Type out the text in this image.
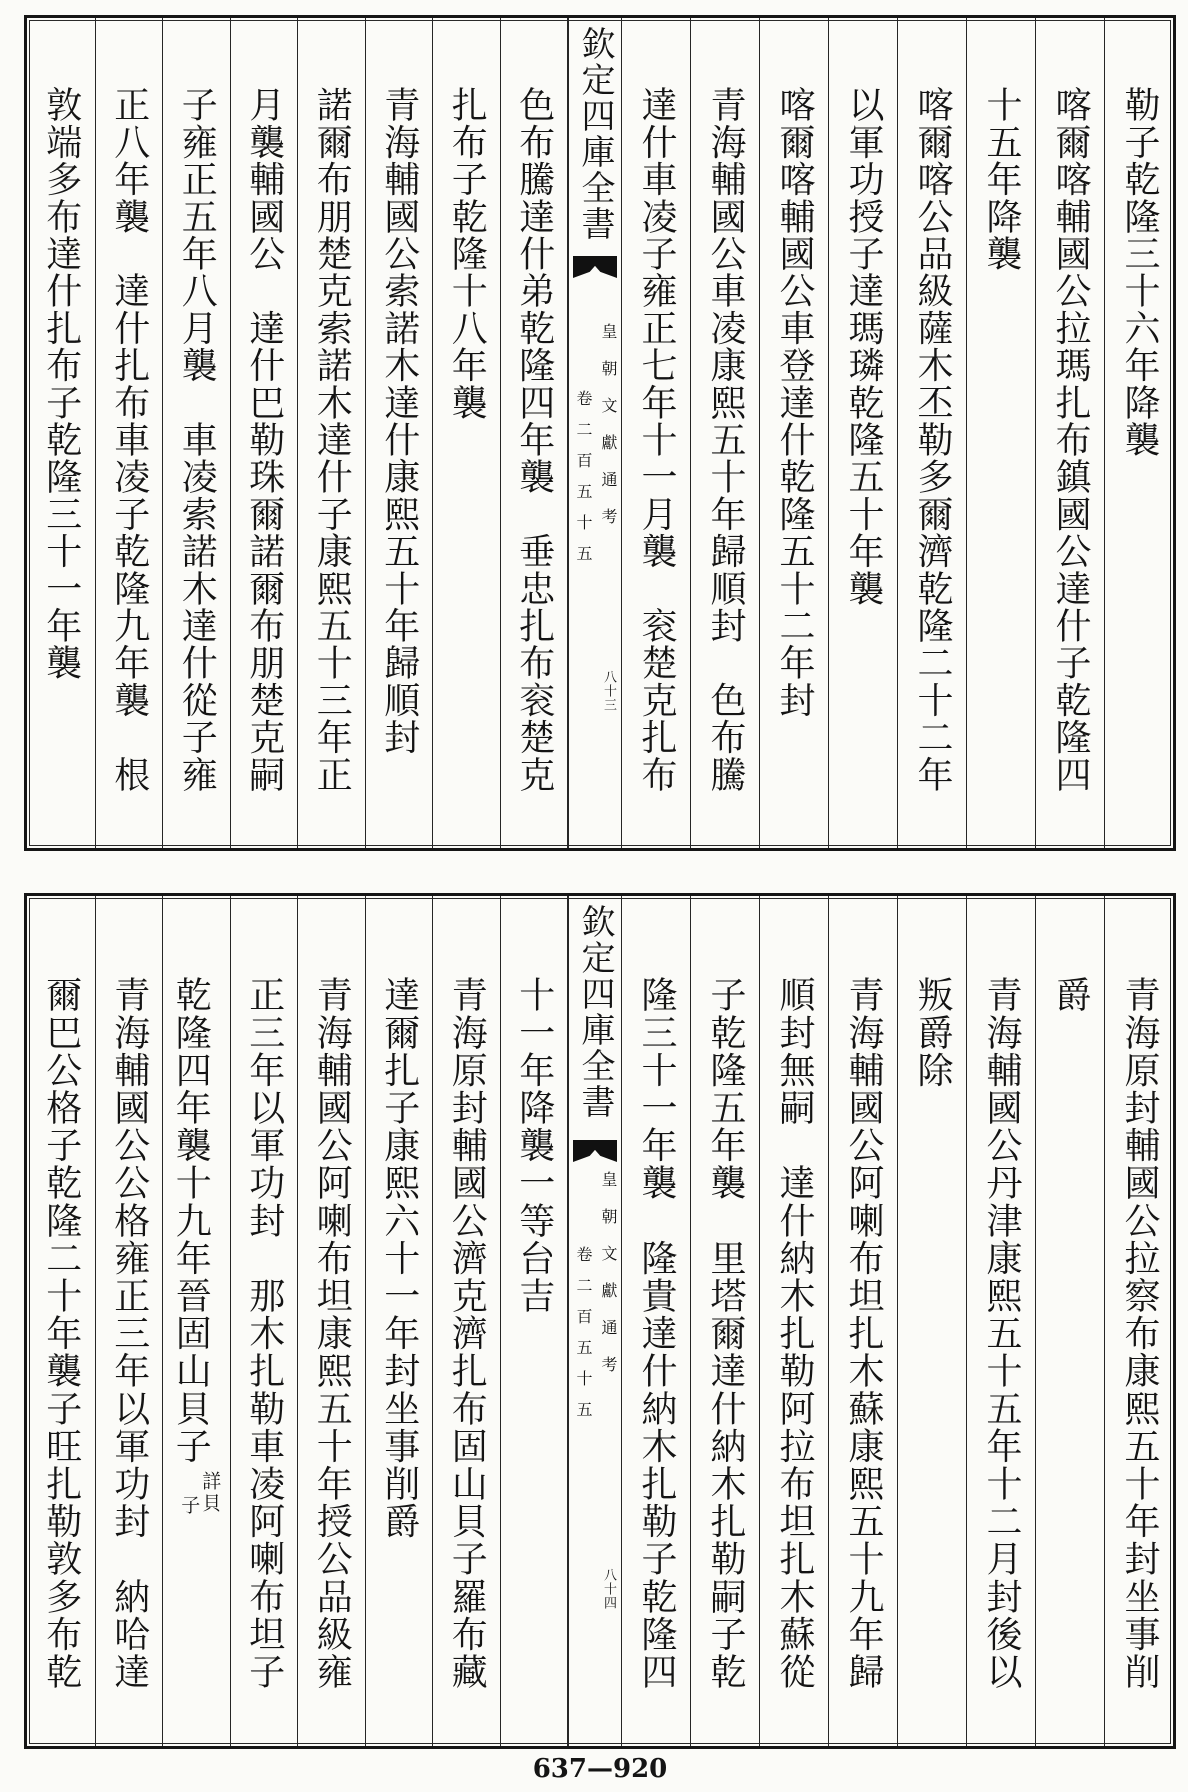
勒子乾隆三十六年降襲
喀爾喀輔國公拉瑪扎布鎮國公達什子乾隆四
十五年降襲
喀爾喀公品級薩木丕勒多爾濟乾隆二十二年
以軍功授子達瑪璘乾隆五十年襲
喀爾喀輔國公車登達什乾隆五十二年封
青海輔國公車凌康熙五十年歸順封　色布騰
達什車凌子雍正七年十一月襲　衮楚克扎布
欽定四庫全書
皇朝文獻通考
卷二百五十五
八十三
色布騰達什弟乾隆四年襲　垂忠扎布衮楚克
扎布子乾隆十八年襲
青海輔國公索諾木達什康熙五十年歸順封
諾爾布朋楚克索諾木達什子康熙五十三年正
月襲輔國公　達什巴勒珠爾諾爾布朋楚克嗣
子雍正五年八月襲　車凌索諾木達什從子雍
正八年襲　達什扎布車凌子乾隆九年襲　根
敦端多布達什扎布子乾隆三十一年襲
青海原封輔國公拉察布康熙五十年封坐事削
爵
青海輔國公丹津康熙五十五年十二月封後以
叛爵除
青海輔國公阿喇布坦扎木蘇康熙五十九年歸
順封無嗣　達什納木扎勒阿拉布坦扎木蘇從
子乾隆五年襲　里塔爾達什納木扎勒嗣子乾
隆三十一年襲　隆貴達什納木扎勒子乾隆四
欽定四庫全書
皇朝文獻通考
卷二百五十五
八十四
十一年降襲一等台吉
青海原封輔國公濟克濟扎布固山貝子羅布藏
達爾扎子康熙六十一年封坐事削爵
青海輔國公阿喇布坦康熙五十年授公品級雍
正三年以軍功封　那木扎勒車凌阿喇布坦子
乾隆四年襲十九年晉固山貝子
詳貝
子
青海輔國公公格雍正三年以軍功封　納哈達
爾巴公格子乾隆二十年襲子旺扎勒敦多布乾
637—920
